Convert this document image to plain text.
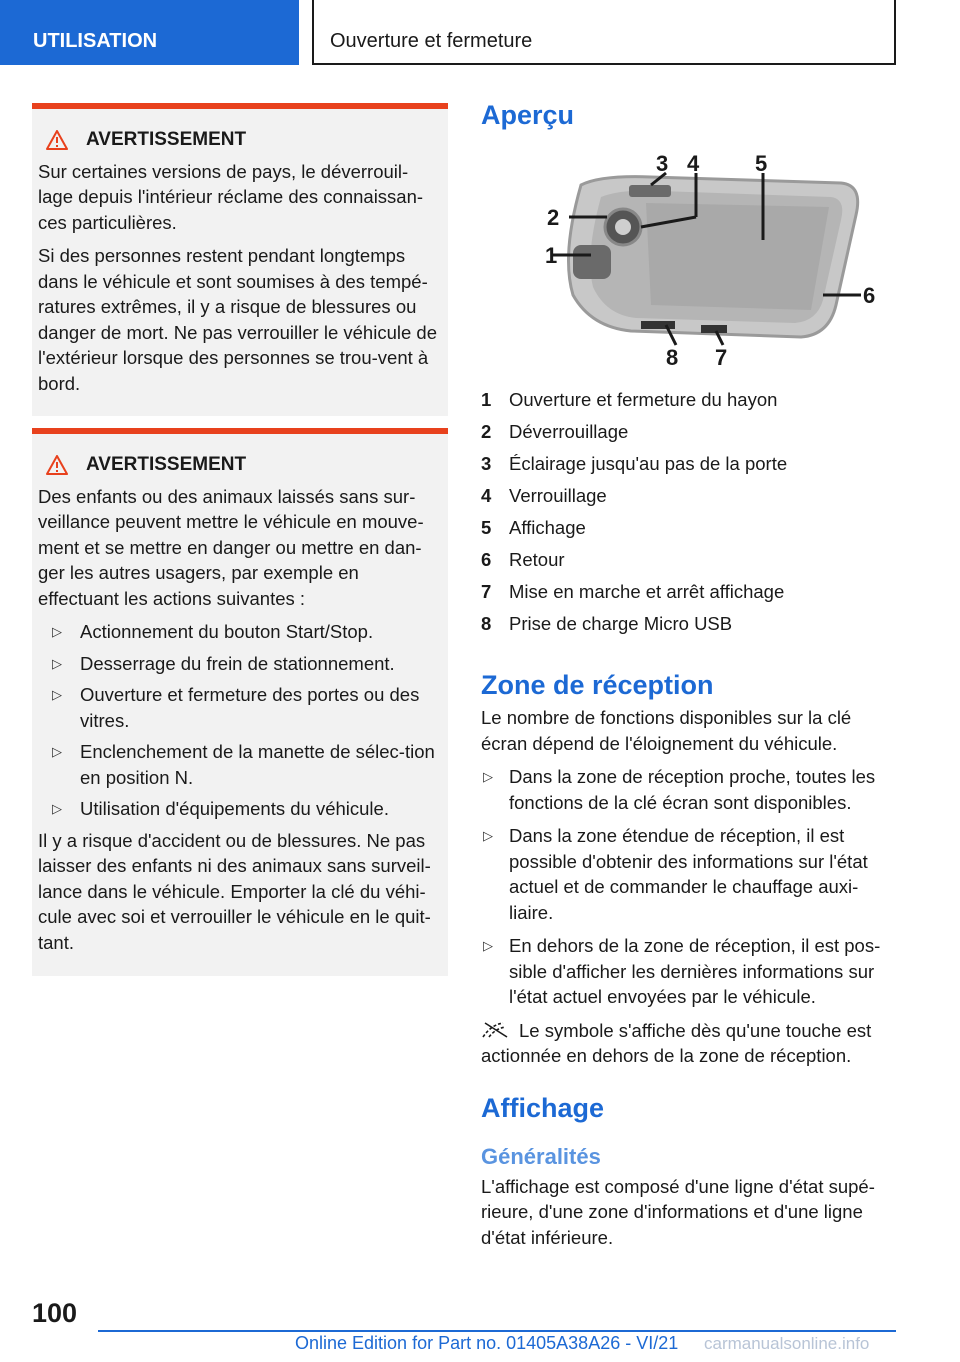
UTILISATION	Ouverture et fermeture
AVERTISSEMENT

Sur certaines versions de pays, le déverrouil-lage depuis l'intérieur réclame des connaissan-ces particulières.

Si des personnes restent pendant longtemps dans le véhicule et sont soumises à des tempé-ratures extrêmes, il y a risque de blessures ou danger de mort. Ne pas verrouiller le véhicule de l'extérieur lorsque des personnes se trou-vent à bord.

AVERTISSEMENT

Des enfants ou des animaux laissés sans sur-veillance peuvent mettre le véhicule en mouve-ment et se mettre en danger ou mettre en dan-ger les autres usagers, par exemple en effectuant les actions suivantes :

▷ Actionnement du bouton Start/Stop.
▷ Desserrage du frein de stationnement.
▷ Ouverture et fermeture des portes ou des vitres.
▷ Enclenchement de la manette de sélec-tion en position N.
▷ Utilisation d'équipements du véhicule.

Il y a risque d'accident ou de blessures. Ne pas laisser des enfants ni des animaux sans surveil-lance dans le véhicule. Emporter la clé du véhi-cule avec soi et verrouiller le véhicule en le quit-tant.

Aperçu
3 4	5
2
1
6
7
8
1 Ouverture et fermeture du hayon
2 Déverrouillage
3 Éclairage jusqu'au pas de la porte
4 Verrouillage
5 Affichage
6 Retour
7 Mise en marche et arrêt affichage
8 Prise de charge Micro USB
Zone de réception

Le nombre de fonctions disponibles sur la clé écran dépend de l'éloignement du véhicule.

▷ Dans la zone de réception proche, toutes les fonctions de la clé écran sont disponibles.
▷ Dans la zone étendue de réception, il est possible d'obtenir des informations sur l'état actuel et de commander le chauffage auxi-liaire.
▷ En dehors de la zone de réception, il est pos-sible d'afficher les dernières informations sur l'état actuel envoyées par le véhicule.
Le symbole s'affiche dès qu'une touche est actionnée en dehors de la zone de réception.
Affichage
Généralités

L'affichage est composé d'une ligne d'état supé-rieure, d'une zone d'informations et d'une ligne d'état inférieure.

100
Online Edition for Part no. 01405A38A26 - VI/21 carmanualsonline.info
